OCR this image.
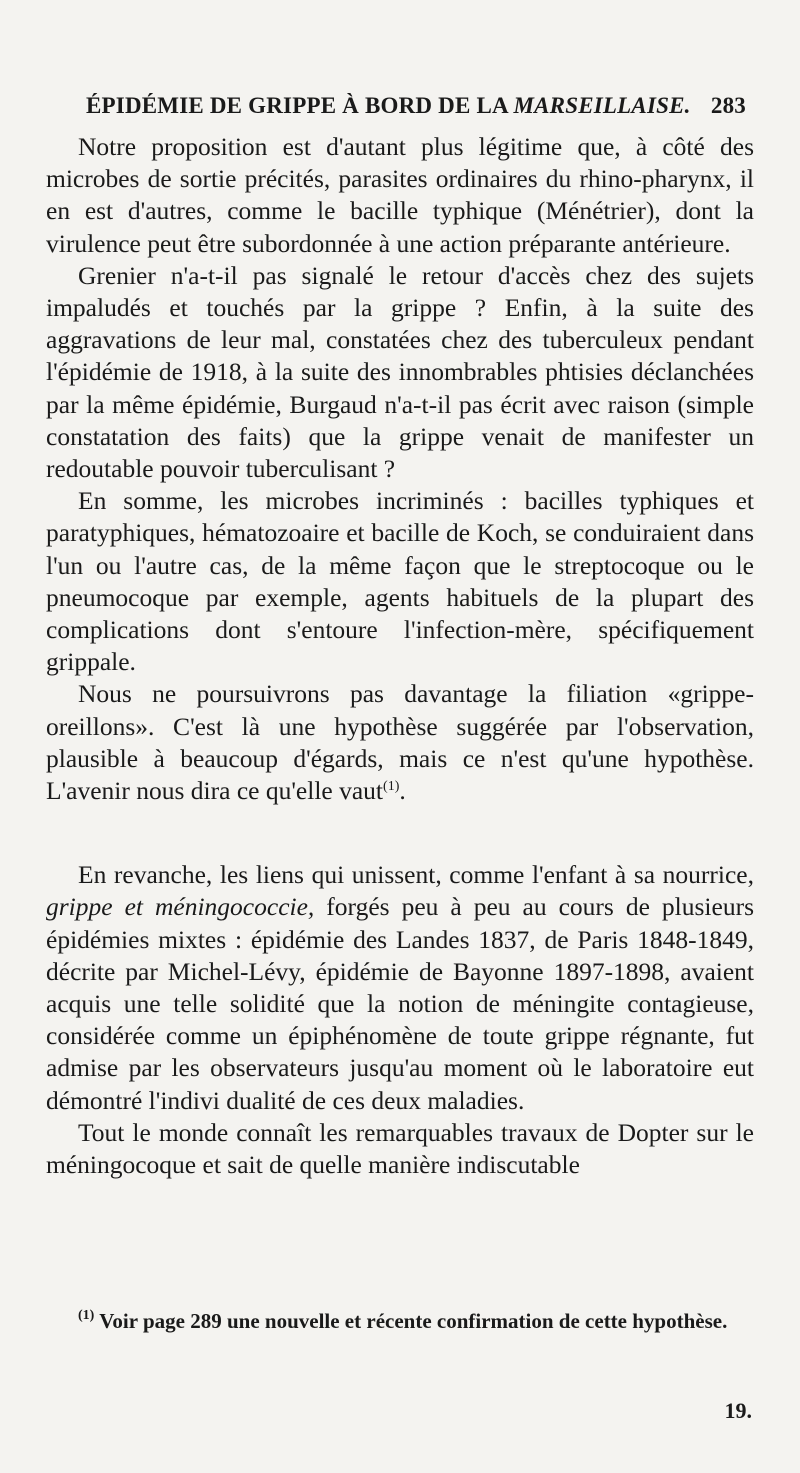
ÉPIDÉMIE DE GRIPPE À BORD DE LA MARSEILLAISE. 283

Notre proposition est d'autant plus légitime que, à côté des microbes de sortie précités, parasites ordinaires du rhino-pharynx, il en est d'autres, comme le bacille typhique (Ménétrier), dont la virulence peut être subordonnée à une action préparante antérieure.

Grenier n'a-t-il pas signalé le retour d'accès chez des sujets impaludés et touchés par la grippe ? Enfin, à la suite des aggravations de leur mal, constatées chez des tuberculeux pendant l'épidémie de 1918, à la suite des innombrables phtisies déclanchées par la même épidémie, Burgaud n'a-t-il pas écrit avec raison (simple constatation des faits) que la grippe venait de manifester un redoutable pouvoir tuberculisant ?

En somme, les microbes incriminés : bacilles typhiques et paratyphiques, hématozoaire et bacille de Koch, se conduiraient dans l'un ou l'autre cas, de la même façon que le streptocoque ou le pneumocoque par exemple, agents habituels de la plupart des complications dont s'entoure l'infection-mère, spécifiquement grippale.

Nous ne poursuivrons pas davantage la filiation «grippe-oreillons». C'est là une hypothèse suggérée par l'observation, plausible à beaucoup d'égards, mais ce n'est qu'une hypothèse. L'avenir nous dira ce qu'elle vaut$^{(1)}$.

En revanche, les liens qui unissent, comme l'enfant à sa nourrice, grippe et méningococcie, forgés peu à peu au cours de plusieurs épidémies mixtes : épidémie des Landes 1837, de Paris 1848-1849, décrite par Michel-Lévy, épidémie de Bayonne 1897-1898, avaient acquis une telle solidité que la notion de méningite contagieuse, considérée comme un épiphénomène de toute grippe régnante, fut admise par les observateurs jusqu'au moment où le laboratoire eut démontré l'indivi dualité de ces deux maladies.

Tout le monde connaît les remarquables travaux de Dopter sur le méningocoque et sait de quelle manière indiscutable

$^{(1)}$ Voir page 289 une nouvelle et récente confirmation de cette hypothèse.

19.
